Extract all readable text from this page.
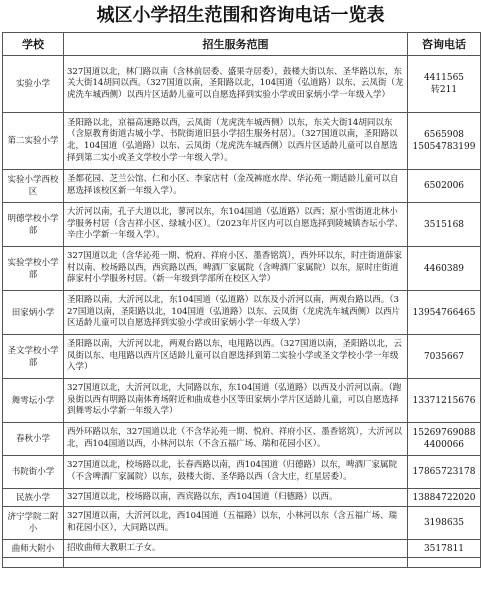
城区小学招生范围和咨询电话一览表
学校	招生服务范围	咨询电话
实验小学	327国道以北，林门路以南（含林前居委、盛果寺居委），鼓楼大街以东、圣华路以东，东关大街14胡同以西。（327国道以南，圣阳路以北，104国道（弘道路）以东、云凤街（龙虎洗车城西侧）以西片区适龄儿童可以自愿选择到实验小学或田家炳小学一年级入学）	4411565
转211
第二实验小学	圣阳路以北，京福高速路以西，云凤街（龙虎洗车城西侧）以东，东关大街14胡同以东（含原教育街道古城小学、书院街道旧县小学招生服务村居）。（327国道以南，圣阳路以北，104国道（弘道路）以东、云凤街（龙虎洗车城西侧）以西片区适龄儿童可以自愿选择到第二实小或圣文学校小学一年级入学）。	6565908
15054783199
实验小学西校区	圣都花园、芝兰公馆、仁和小区、李家店村（金茂裤庭水岸、华沁苑一期适龄儿童可以自愿选择该校区新一年级入学）。	6502006
明德学校小学部	大沂河以南，孔子大道以北，蓼河以东，东104国道（弘道路）以西；原小雪街道北林小学服务村居（含吉祥小区、绿城小区）。（2023年片区内可以自愿选择到陵城镇杏坛小学、辛庄小学新一年级入学）。	3515168
实验学校小学部	327国道以北（含华沁苑一期、悦府、祥府小区、墨香铭筑），西外环以东，时庄街道薛家村以南、校场路以西，西宾路以西，啤酒厂家属院（含啤酒厂家属院）以东，原时庄街道薛家村小学服务村居。（新一年级到学部所在校区入学）	4460389
田家炳小学	圣阳路以南，大沂河以北，东104国道（弘道路）以东及小沂河以南，两观台路以西。（327国道以南，圣阳路以北，104国道（弘道路）以东、云凤街（龙虎洗车城西侧）以西片区适龄儿童可以自愿选择到实验小学或田家炳小学一年级入学）	13954766465
圣文学校小学部	圣阳路以南，大沂河以北，两观台路以东，电甩路以西。（327国道以南，圣阳路以北，云凤街以东、电甩路以西片区适龄儿童可以自愿选择到第二实验小学或圣文学校小学一年级入学）	7035667
舞雩坛小学	327国道以北，大沂河以北，大同路以东，东104国道（弘道路）以西及小沂河以南。（跑泉街以西有明路以南体育场附近和曲成巷小区等田家炳小学片区适龄儿童，可以自愿选择到舞雩坛小学新一年级入学）	13371215676
春秋小学	西外环路以东，327国道以北（不含华沁苑一期、悦府、祥府小区、墨香铭筑），大沂河以北，西104国道以西，小林河以东（不含五福广场、瑞和花园小区）。	15269769088
4400066
书院街小学	327国道以北，校场路以北，长春西路以南，西104国道（归德路）以东，啤酒厂家属院（不含啤酒厂家属院）以东，鼓楼大街、圣华路以西（含大庄，红星居委）。	17865723178
民族小学	327国道以北，校场路以南，西宾路以东，西104国道（归德路）以西。	13884722020
济宁学院二附小	327国道以南，大沂河以北，西104国道（五福路）以东，小林河以东（含五福广场、瑞和花园小区），大同路以西。	3198635
曲师大附小	招收曲师大教职工子女。	3517811
